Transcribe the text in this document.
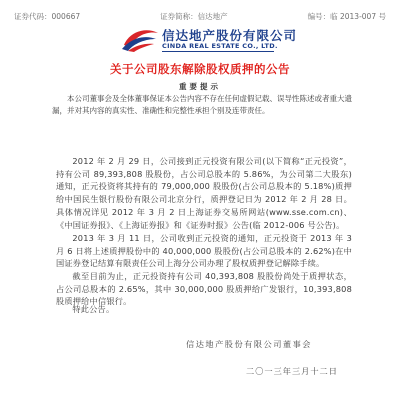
证券代码：000667	证券简称：信达地产	编号：临 2013-007 号
信达地产股份有限公司
CINDA REAL ESTATE CO., LTD.
关于公司股东解除股权质押的公告
重要提示
本公司董事会及全体董事保证本公告内容不存在任何虚假记载、误导性陈述或者重大遗漏，并对其内容的真实性、准确性和完整性承担个别及连带责任。

2012 年 2 月 29 日，公司接到正元投资有限公司(以下简称“正元投资”，持有公司 89,393,808 股股份，占公司总股本的 5.86%，为公司第二大股东)通知，正元投资将其持有的 79,000,000 股股份(占公司总股本的 5.18%)质押给中国民生银行股份有限公司北京分行，质押登记日为 2012 年 2 月 28 日。具体情况详见 2012 年 3 月 2 日上海证券交易所网站(www.sse.com.cn)、《中国证券报》、《上海证券报》和《证券时报》公告(临 2012-006 号公告)。

2013 年 3 月 11 日，公司收到正元投资的通知，正元投资于 2013 年 3 月 6 日将上述质押股份中的 40,000,000 股股份(占公司总股本的 2.62%)在中国证券登记结算有限责任公司上海分公司办理了股权质押登记解除手续。

截至目前为止，正元投资持有公司 40,393,808 股股份尚处于质押状态，占公司总股本的 2.65%，其中 30,000,000 股质押给广发银行，10,393,808 股质押给中信银行。

特此公告。

信达地产股份有限公司董事会
二〇一三年三月十二日
